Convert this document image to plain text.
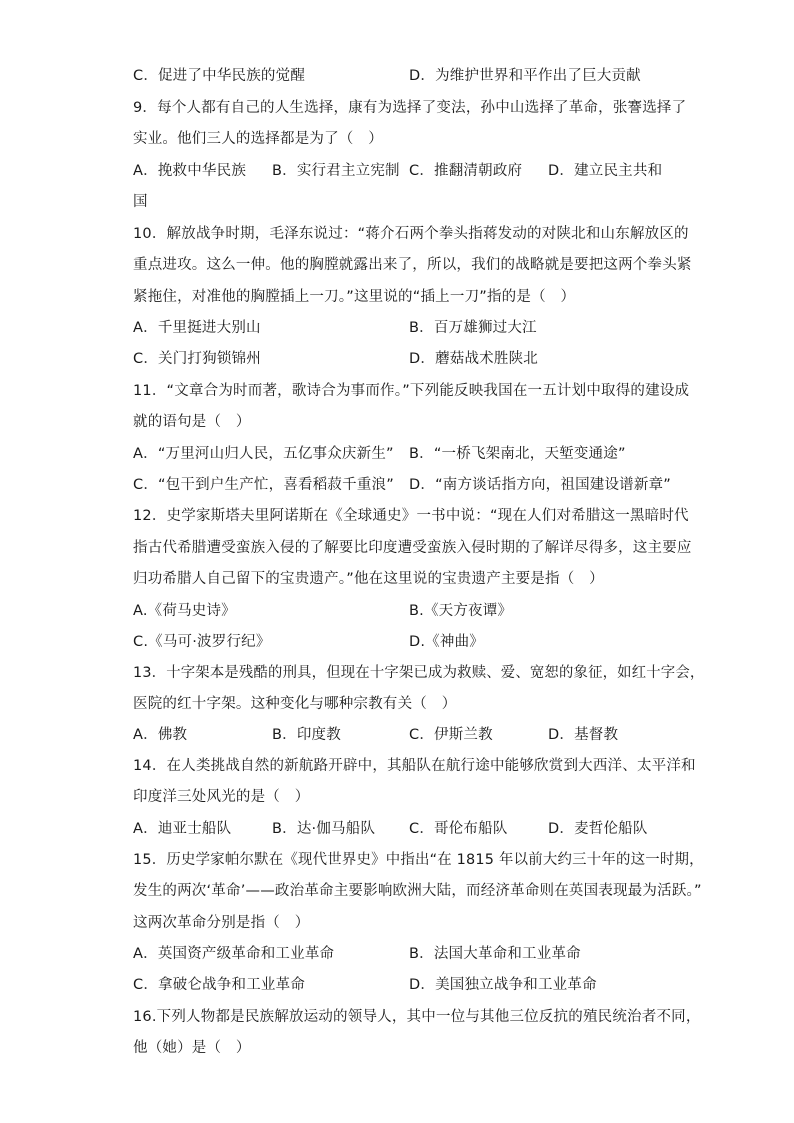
C．促进了中华民族的觉醒	D．为维护世界和平作出了巨大贡献
9．每个人都有自己的人生选择，康有为选择了变法，孙中山选择了革命，张謇选择了
实业。他们三人的选择都是为了（　）
A．挽救中华民族 B．实行君主立宪制 C．推翻清朝政府 D．建立民主共和
国
10．解放战争时期，毛泽东说过：“蒋介石两个拳头指蒋发动的对陕北和山东解放区的
重点进攻。这么一伸。他的胸膛就露出来了，所以，我们的战略就是要把这两个拳头紧
紧拖住，对准他的胸膛插上一刀。”这里说的“插上一刀”指的是（　）
A．千里挺进大别山	B．百万雄狮过大江
C．关门打狗锁锦州	D．蘑菇战术胜陕北
11．“文章合为时而著，歌诗合为事而作。”下列能反映我国在一五计划中取得的建设成
就的语句是（　）
A．“万里河山归人民，五亿事众庆新生” B．“一桥飞架南北，天堑变通途”
C．“包干到户生产忙，喜看稻菽千重浪” D．“南方谈话指方向，祖国建设谱新章”
12．史学家斯塔夫里阿诺斯在《全球通史》一书中说：“现在人们对希腊这一黑暗时代
指古代希腊遭受蛮族入侵的了解要比印度遭受蛮族入侵时期的了解详尽得多，这主要应
归功希腊人自己留下的宝贵遗产。”他在这里说的宝贵遗产主要是指（　）
A.《荷马史诗》	B.《天方夜谭》
C.《马可·波罗行纪》	D.《神曲》
13．十字架本是残酷的刑具，但现在十字架已成为救赎、爱、宽恕的象征，如红十字会，
医院的红十字架。这种变化与哪种宗教有关（　）
A．佛教	B．印度教	C．伊斯兰教	D．基督教
14．在人类挑战自然的新航路开辟中，其船队在航行途中能够欣赏到大西洋、太平洋和
印度洋三处风光的是（　）
A．迪亚士船队	B．达·伽马船队 C．哥伦布船队	D．麦哲伦船队
15．历史学家帕尔默在《现代世界史》中指出“在 1815 年以前大约三十年的这一时期，
发生的两次‘革命’——政治革命主要影响欧洲大陆，而经济革命则在英国表现最为活跃。”
这两次革命分别是指（　）
A．英国资产级革命和工业革命	B．法国大革命和工业革命
C．拿破仑战争和工业革命	D．美国独立战争和工业革命
16.下列人物都是民族解放运动的领导人，其中一位与其他三位反抗的殖民统治者不同，
他（她）是（　）
